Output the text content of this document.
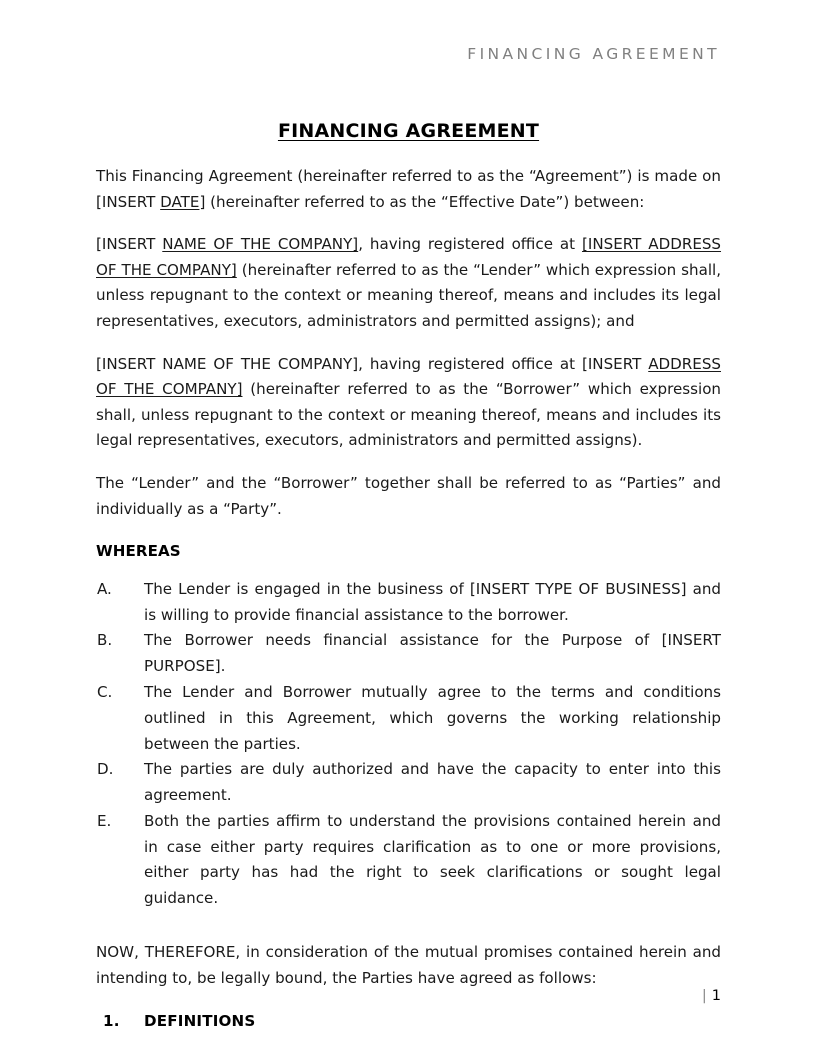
FINANCING AGREEMENT
FINANCING AGREEMENT

This Financing Agreement (hereinafter referred to as the “Agreement”) is made on [INSERT DATE] (hereinafter referred to as the “Effective Date”) between:

[INSERT NAME OF THE COMPANY], having registered office at [INSERT ADDRESS OF THE COMPANY] (hereinafter referred to as the “Lender” which expression shall, unless repugnant to the context or meaning thereof, means and includes its legal representatives, executors, administrators and permitted assigns); and

[INSERT NAME OF THE COMPANY], having registered office at [INSERT ADDRESS OF THE COMPANY] (hereinafter referred to as the “Borrower” which expression shall, unless repugnant to the context or meaning thereof, means and includes its legal representatives, executors, administrators and permitted assigns).

The “Lender” and the “Borrower” together shall be referred to as “Parties” and individually as a “Party”.

WHEREAS
A.	The Lender is engaged in the business of [INSERT TYPE OF BUSINESS] and is willing to provide financial assistance to the borrower.
B.	The Borrower needs financial assistance for the Purpose of [INSERT PURPOSE].
C.	The Lender and Borrower mutually agree to the terms and conditions outlined in this Agreement, which governs the working relationship between the parties.
D.	The parties are duly authorized and have the capacity to enter into this agreement.
E.	Both the parties affirm to understand the provisions contained herein and in case either party requires clarification as to one or more provisions, either party has had the right to seek clarifications or sought legal guidance.

NOW, THEREFORE, in consideration of the mutual promises contained herein and intending to, be legally bound, the Parties have agreed as follows:

1. DEFINITIONS
| 1
